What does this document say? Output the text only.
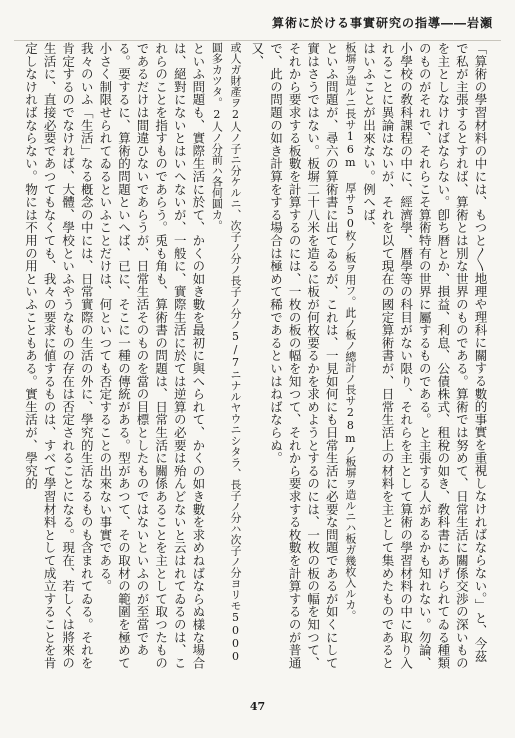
算術に於ける事實研究の指導――岩瀬

「算術の學習材料の中には、もつと〳〵地理や理科に關する數的事實を重視しなければならない。」と、今茲で私が主張するとすれば、算術とは別な世界のものである。算術では努めて、日常生活に關係交渉の深いものを主としなければならない。卽ち暦とか、損益、利息、公債株式、租稅の如き、敎科書にあげられてゐる種類のものがそれで、それらこそ算術特有の世界に屬するものである。と主張する人があるかも知れない。勿論、小學校の敎科課程の中に、經濟學、暦學等の科目がない限り、それらを主として算術の學習材料の中に取り入れることに異論はないが、それを以て現在の國定算術書が、日常生活上の材料を主として集めたものであるとはいふことが出來ない。例へば、

板塀ヲ造ルニ長サ16m 厚サ50枚ノ板ヲ用フ。此ノ板ノ總計ノ長サ28mノ板塀ヲ造ルニハ板ガ幾枚入ルカ。

といふ問題が、尋六の算術書に出てゐるが、これは、一見如何にも日常生活に必要な問題であるが如くにして實はさうではない。板塀二十八米を造るに板が何枚要るかを求めようとするのには、一枚の板の幅を知つて、それから要求する板數を計算するのには、一枚の板の幅を知つて、それから要求する枚數を計算するのが普通で、此の問題の如き計算をする場合は極めて稀であるといはねばならぬ。

又、

或人ガ財產ヲ2人ノ子ニ分ケルニ、次子ノ分ノ長子ノ分ノ5/7ニナルヤウニシタラ、長子ノ分ハ次子ノ分ヨリモ5000圓多カツタ。2人ノ分前ハ各何圓カ。

といふ問題も、實際生活に於て、かくの如き數を最初に與へられて、かくの如き數を求めねばならぬ樣な場合は、絕對にないとはいへないが、一般に、實際生活に於ては逆算の必要は殆んどないと云はれてゐるのは、これらのことを指すものであらう。兎も角も、算術書の問題は、日常生活に關係あることを主として取つたものであるだけは間違ひないであらうが、日常生活そのものを當の目標としたものではないといふのが至當である。要するに、算術的問題といへば、已に、そこに一種の傳統がある。型があつて、その取材の範圍を極めて小さく制限せられてゐるといふことだけは、何といつても否定することの出來ない事實である。

我々のいふ「生活」なる槪念の中には、日常實際の生活の外に、學究的生活なるものも含まれてゐる。それを肯定するのでなければ、大體、學校といふやうなものの存在は否定されることになる。現在、若しくは將來の生活に、直接必要であつてもなくても、我々の要求に値するものは、すべて學習材料として成立することを肯定しなければならない。物には不用の用といふこともある。實生活が、學究的

47
